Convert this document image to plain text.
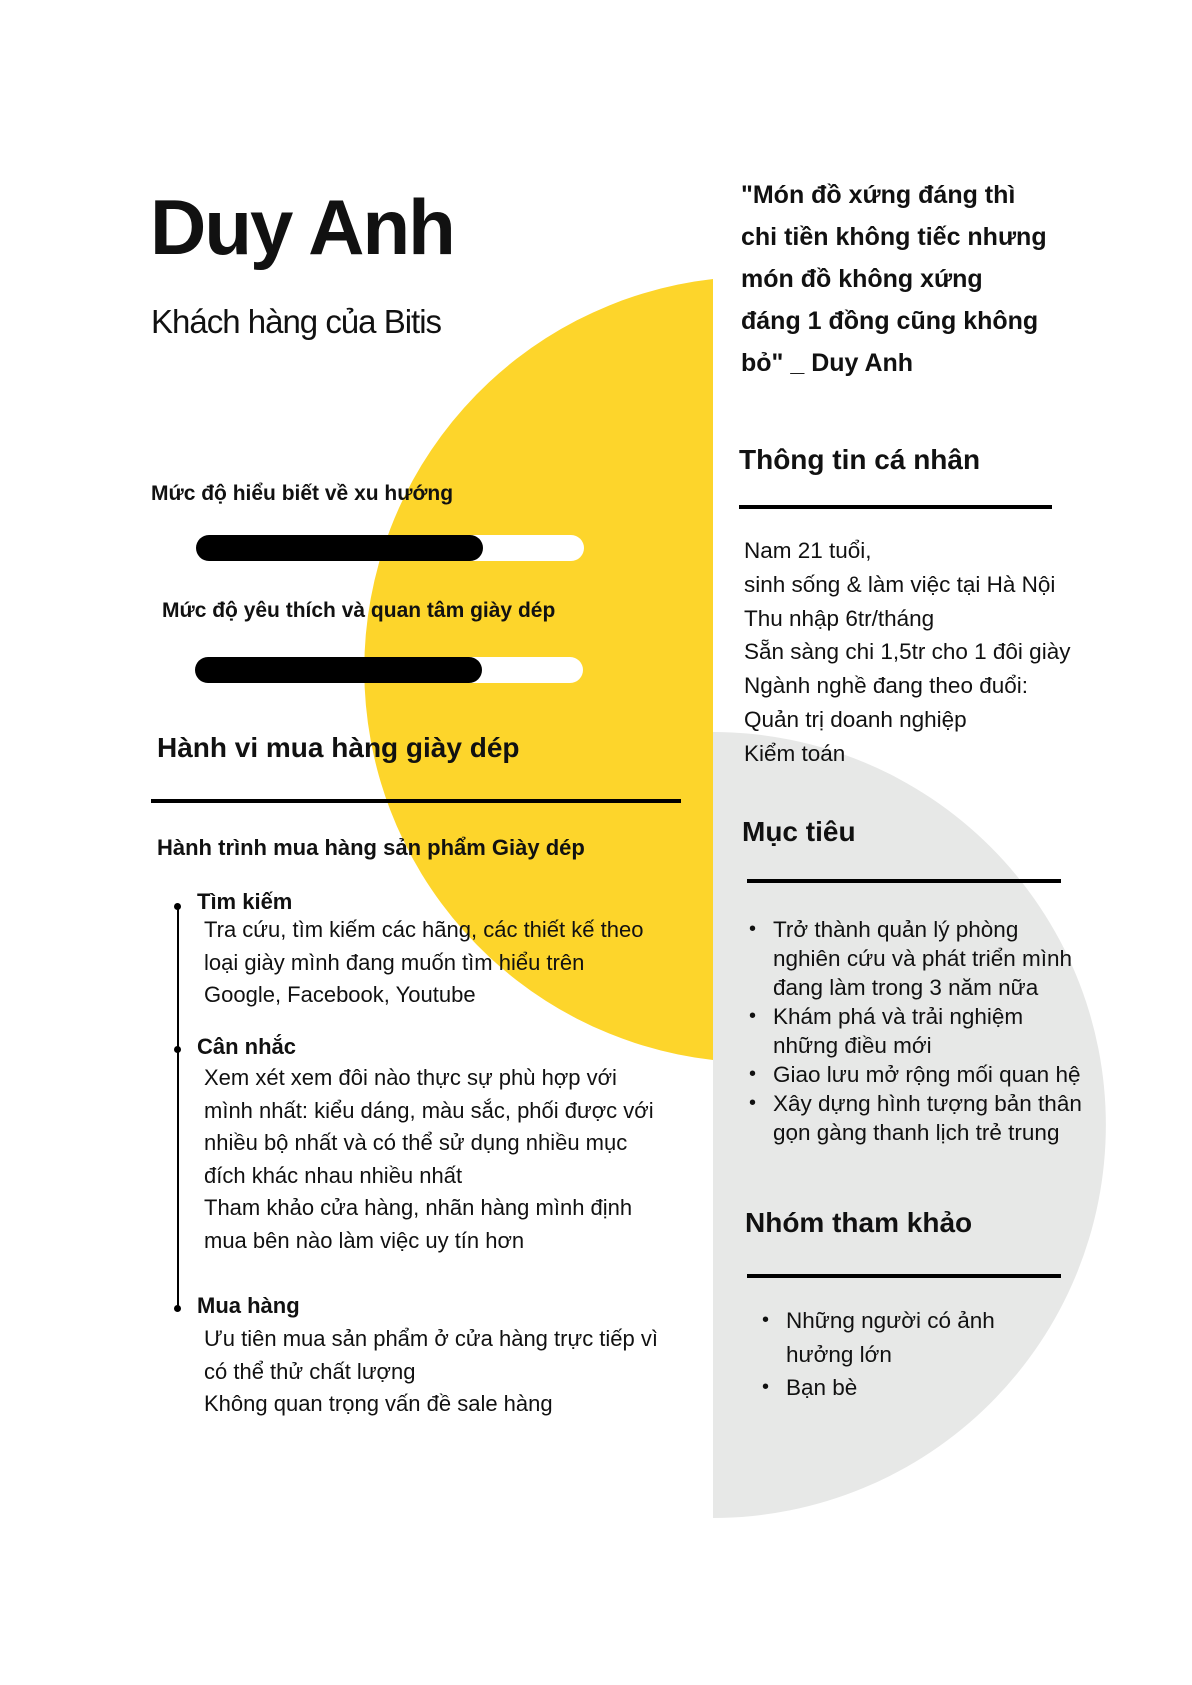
Duy Anh
Khách hàng của Bitis
Mức độ hiểu biết về xu hướng
Mức độ yêu thích và quan tâm giày dép
Hành vi mua hàng giày dép
Hành trình mua hàng sản phẩm Giày dép
Tìm kiếm
Tra cứu, tìm kiếm các hãng, các thiết kế theo
loại giày mình đang muốn tìm hiểu trên
Google, Facebook, Youtube
Cân nhắc
Xem xét xem đôi nào thực sự phù hợp với
mình nhất: kiểu dáng, màu sắc, phối được với
nhiều bộ nhất và có thể sử dụng nhiều mục
đích khác nhau nhiều nhất
Tham khảo cửa hàng, nhãn hàng mình định
mua bên nào làm việc uy tín hơn
Mua hàng
Ưu tiên mua sản phẩm ở cửa hàng trực tiếp vì
có thể thử chất lượng
Không quan trọng vấn đề sale hàng
"Món đồ xứng đáng thì
chi tiền không tiếc nhưng
món đồ không xứng
đáng 1 đồng cũng không
bỏ" _ Duy Anh
Thông tin cá nhân
Nam 21 tuổi,
sinh sống & làm việc tại Hà Nội
Thu nhập 6tr/tháng
Sẵn sàng chi 1,5tr cho 1 đôi giày
Ngành nghề đang theo đuổi:
Quản trị doanh nghiệp
Kiểm toán
Mục tiêu
• Trở thành quản lý phòng
nghiên cứu và phát triển mình
đang làm trong 3 năm nữa
• Khám phá và trải nghiệm
những điều mới
• Giao lưu mở rộng mối quan hệ
• Xây dựng hình tượng bản thân
gọn gàng thanh lịch trẻ trung
Nhóm tham khảo
• Những người có ảnh
hưởng lớn
• Bạn bè
